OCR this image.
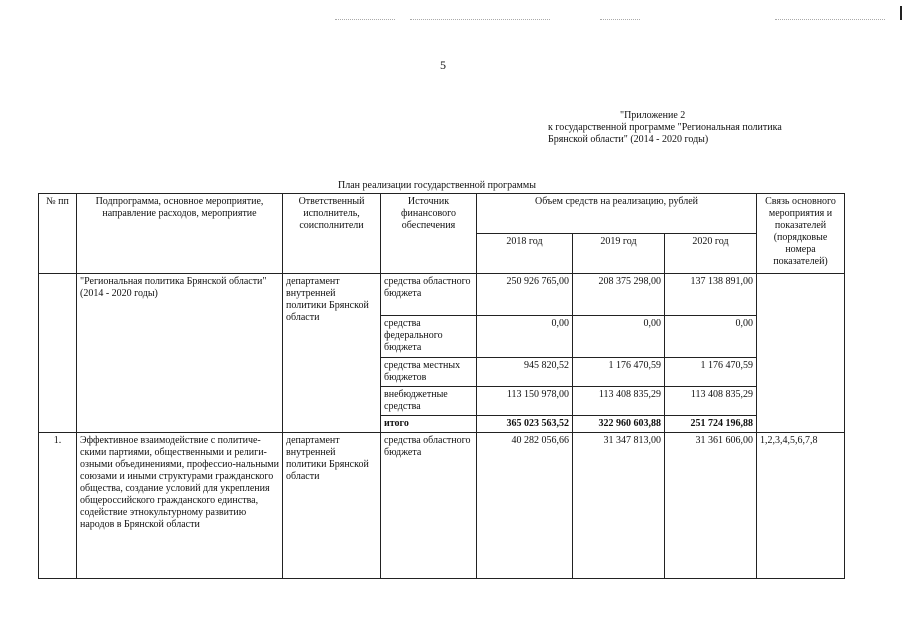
5
"Приложение 2
к государственной программе "Региональная политика
Брянской области" (2014 - 2020 годы)
План реализации государственной программы
№ пп	Подпрограмма, основное мероприятие, направление расходов, мероприятие	Ответственный исполнитель, соисполнители	Источник финансового обеспечения	Объем средств на реализацию, рублей			Связь основного мероприятия и показателей (порядковые номера показателей)
				2018 год	2019 год	2020 год	
	"Региональная политика Брянской области" (2014 - 2020 годы)	департамент внутренней политики Брянской области	средства областного бюджета	250 926 765,00	208 375 298,00	137 138 891,00	
			средства федерального бюджета	0,00	0,00	0,00	
			средства местных бюджетов	945 820,52	1 176 470,59	1 176 470,59	
			внебюджетные средства	113 150 978,00	113 408 835,29	113 408 835,29	
			итого	365 023 563,52	322 960 603,88	251 724 196,88	
1.	Эффективное взаимодействие с политиче-скими партиями, общественными и религи-озными объединениями, профессио-нальными союзами и иными структурами гражданского общества, создание условий для укрепления общероссийского гражданского единства, содействие этнокультурному развитию народов в Брянской области	департамент внутренней политики Брянской области	средства областного бюджета	40 282 056,66	31 347 813,00	31 361 606,00	1,2,3,4,5,6,7,8
